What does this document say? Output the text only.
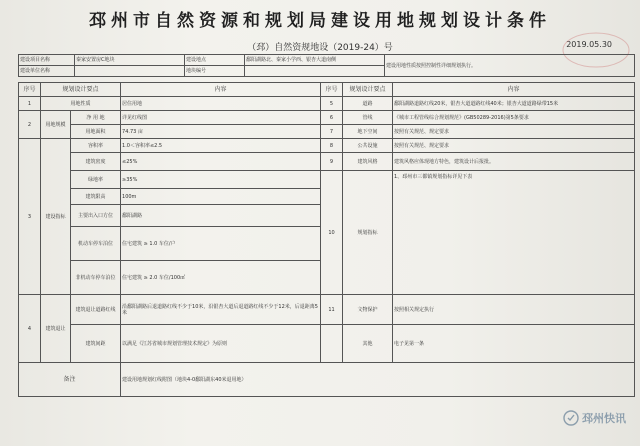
邳州市自然资源和规划局建设用地规划设计条件
（邳）自然资规地设（2019-24）号	2019.05.30
建设项目名称	秦家安置房C地块	建设地点	鄱阳湖路北、秦家小学西、银杏大道南侧	建设用地性质按照控制性详细规划执行。
建设单位名称		地块编号		
序号	规划设计要点		内容	序号	规划设计要点	内容
1	用地性质		居住用地	5	道路	鄱阳湖路道路红线20米，银杏大道道路红线40米；银杏大道道路绿带15米
2	用地规模	净 用 地	详见红线图	6	管线	《城市工程管线综合规划规范》(GB50289-2016)第5条要求
		用地面积	74.73 亩	7	地下空间	按照有关规范、规定要求
3	建设指标	容积率	1.0＜容积率≤2.5	8	公共设施	按照有关规范、规定要求
		建筑密度	≤25%	9	建筑风格	建筑风格应体现地方特色，建筑设计后报批。
		绿地率	≥35%	10	规划指标	1、邳州市三都镇规划指标详见下表
		建筑限高	100m			
		主要出入口方位	鄱阳湖路			
		机动车停车泊位	住宅建筑 ≥ 1.0 车位/户			
		非机动车停车泊位	住宅建筑 ≥ 2.0 车位/100㎡			
4	建筑退让	建筑退让道路红线	沿鄱阳湖路后退道路红线不少于10米，沿银杏大道后退道路红线不少于12米，后退距离5米	11	文物保护	按照相关规定执行
		建筑间距	以满足《江苏省城市规划管理技术规定》为原则		其他	电子见第一条
备注			建设用地规划红线附图（地块4-0鄱阳湖东40米退用地）			
邳州快讯
